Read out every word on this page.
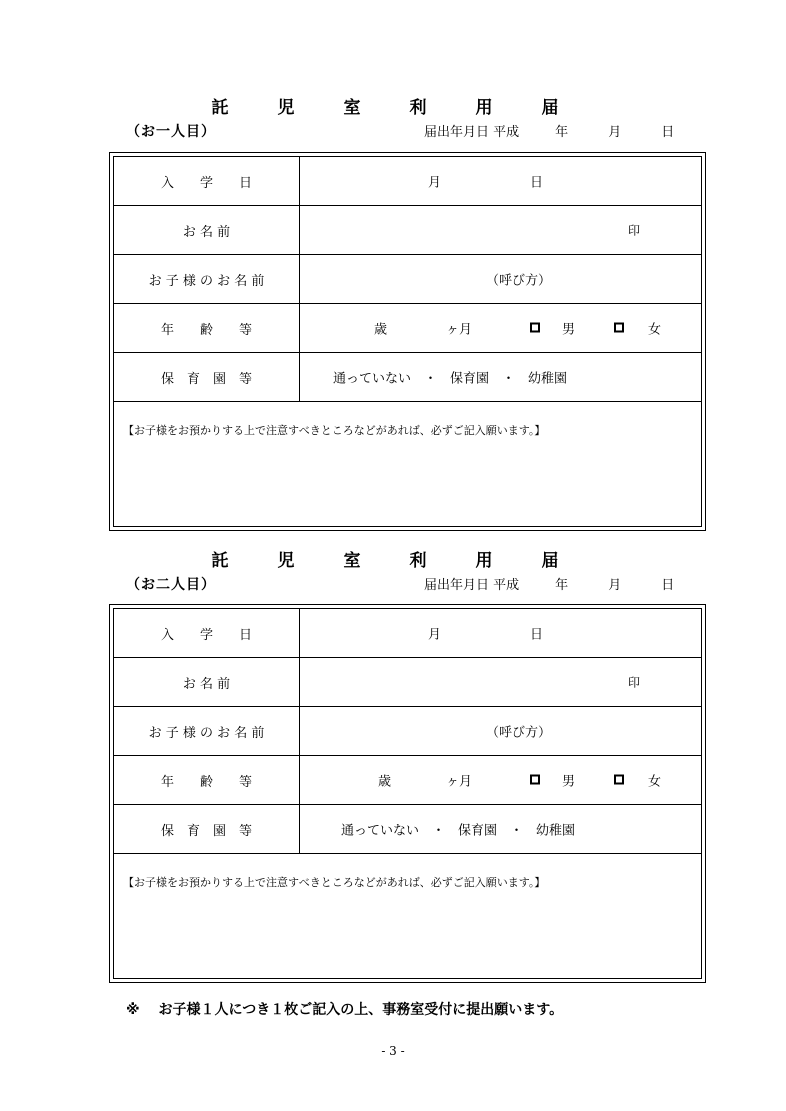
託　児　室　利　用　届
（お一人目）	届出年月日 平成	年	月	日
入　　学　　日	月	日
お 名 前	印
お 子 様 の お 名 前	（呼び方）
年　　齢　　等	歳	ヶ月	男	女
保　育　園　等	通っていない　・　保育園　・　幼稚園
【お子様をお預かりする上で注意すべきところなどがあれば、必ずご記入願います。】
託　児　室　利　用　届
（お二人目）	届出年月日 平成	年	月	日
入　　学　　日	月	日
お 名 前	印
お 子 様 の お 名 前	（呼び方）
年　　齢　　等	歳	ヶ月	男	女
保　育　園　等	通っていない　・　保育園　・　幼稚園
【お子様をお預かりする上で注意すべきところなどがあれば、必ずご記入願います。】
※　 お子様１人につき１枚ご記入の上、事務室受付に提出願います。
- 3 -
